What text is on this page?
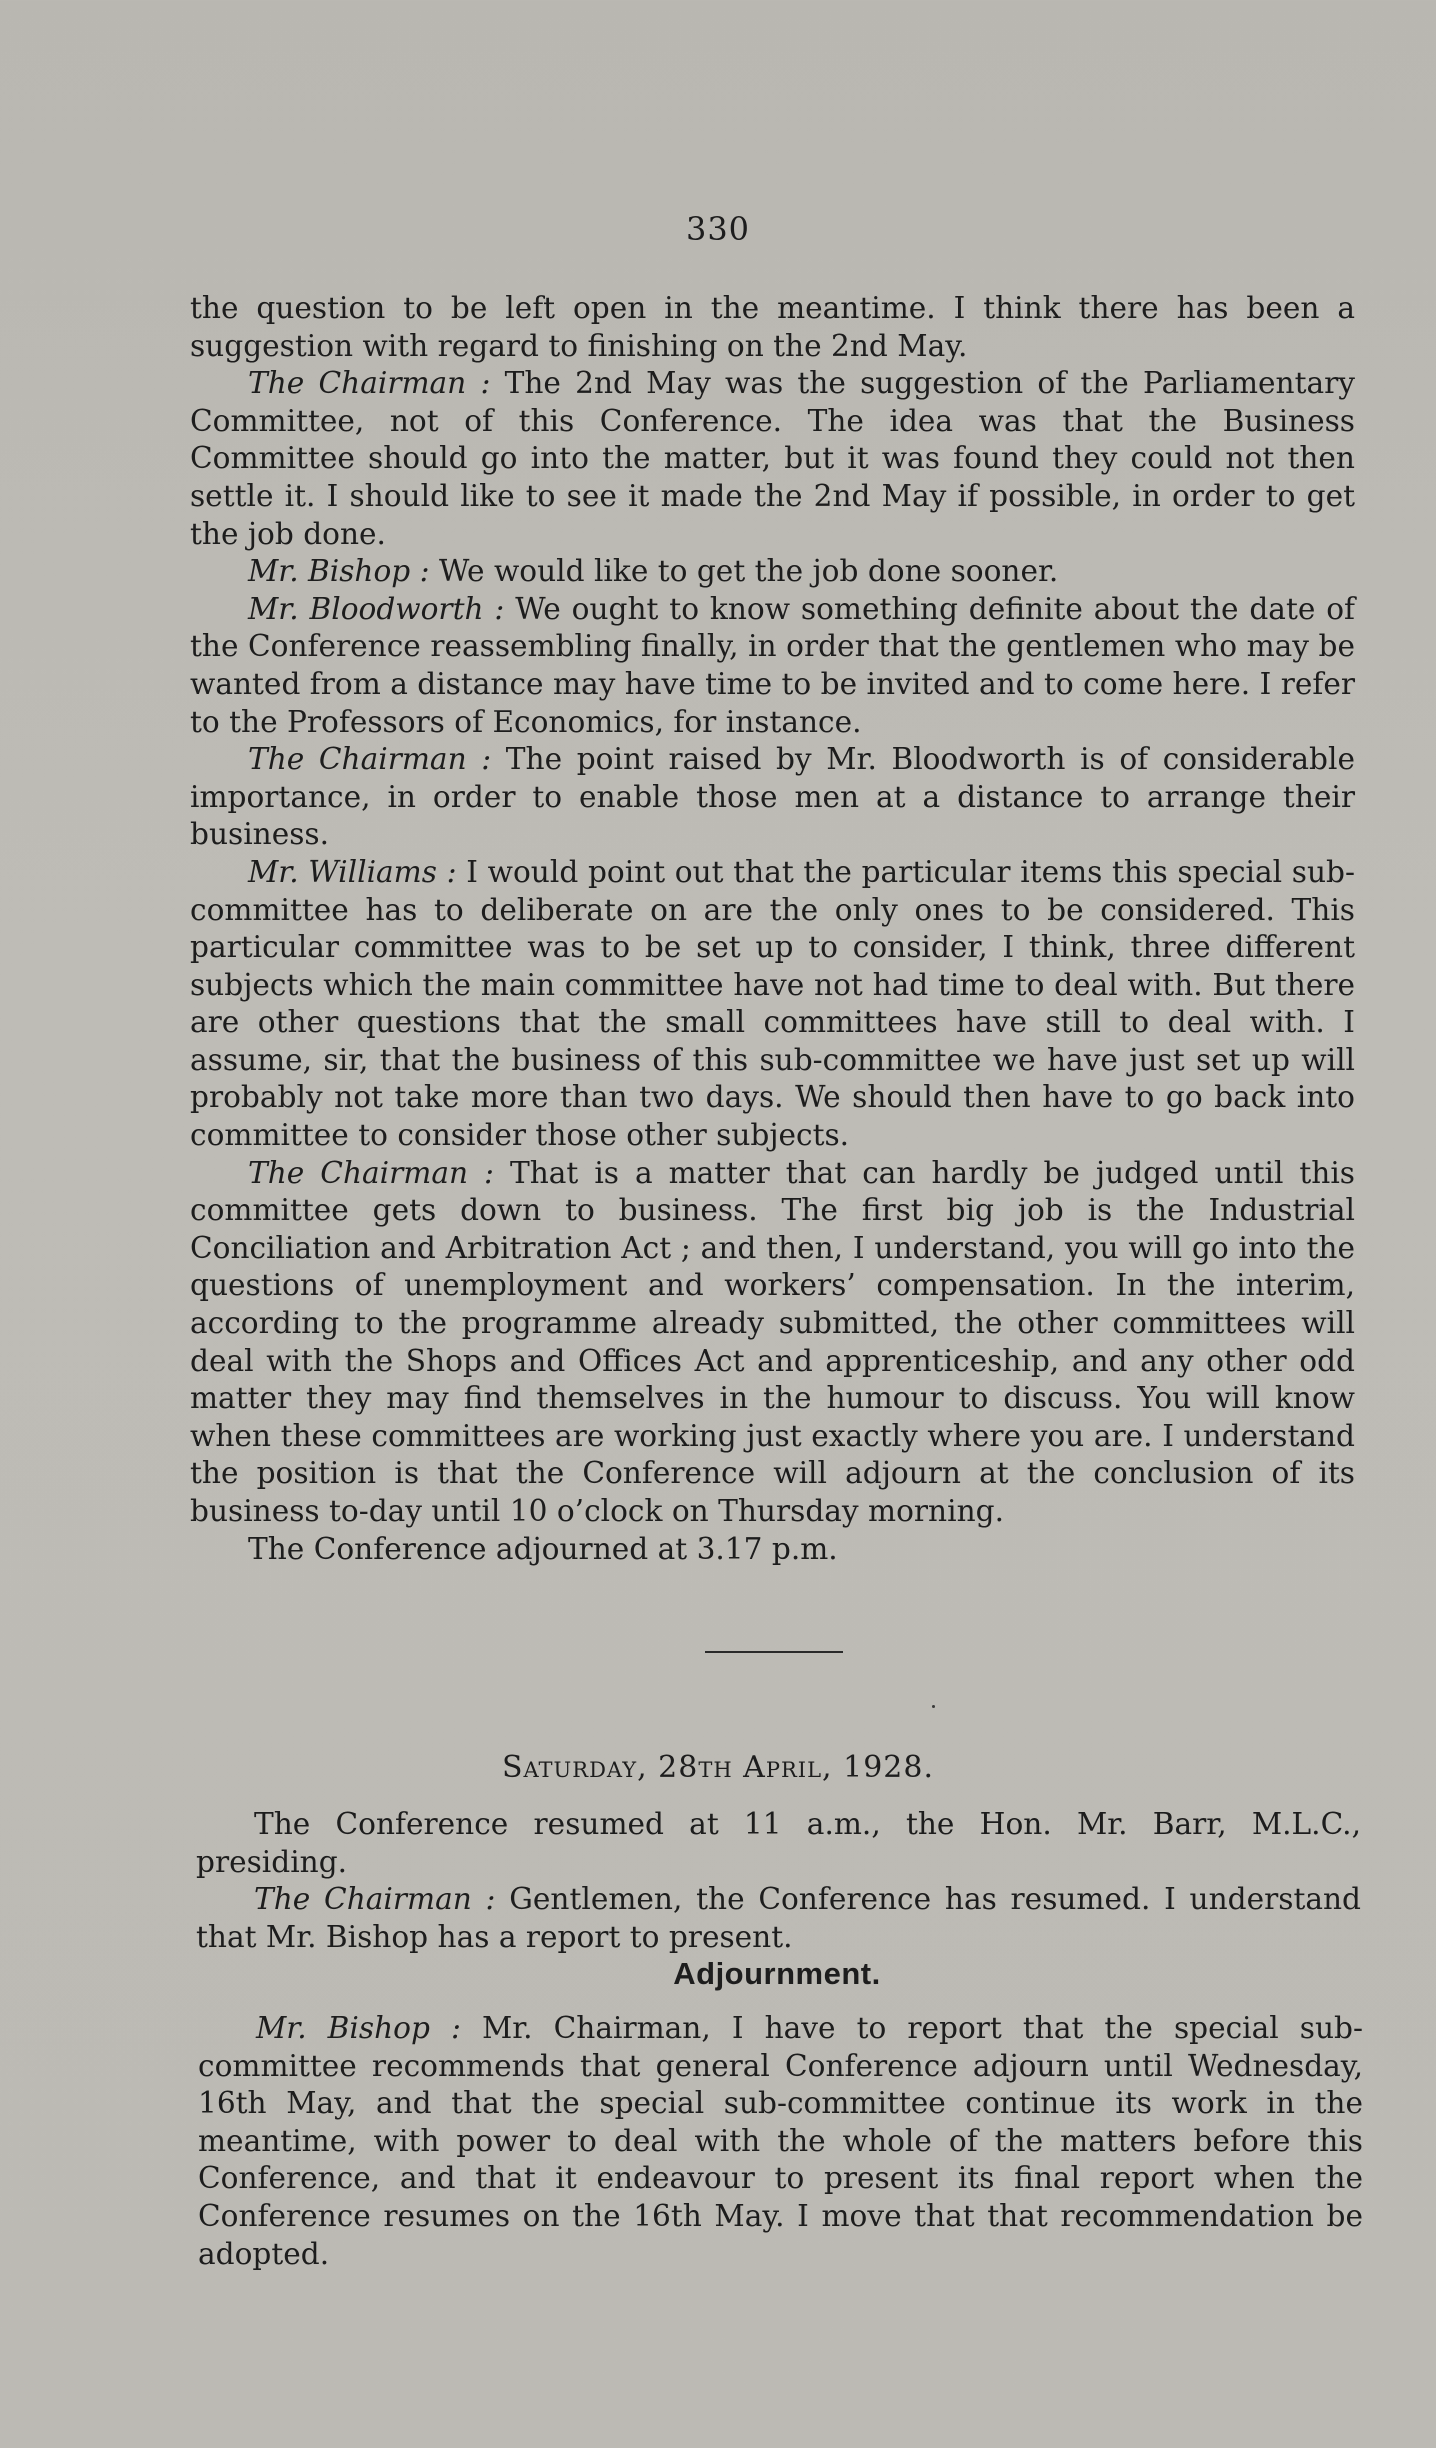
330

the question to be left open in the meantime. I think there has been a suggestion with regard to finishing on the 2nd May.

The Chairman : The 2nd May was the suggestion of the Parliamentary Committee, not of this Conference. The idea was that the Business Committee should go into the matter, but it was found they could not then settle it. I should like to see it made the 2nd May if possible, in order to get the job done.

Mr. Bishop : We would like to get the job done sooner.

Mr. Bloodworth : We ought to know something definite about the date of the Conference reassembling finally, in order that the gentlemen who may be wanted from a distance may have time to be invited and to come here. I refer to the Professors of Economics, for instance.

The Chairman : The point raised by Mr. Bloodworth is of considerable importance, in order to enable those men at a distance to arrange their business.

Mr. Williams : I would point out that the particular items this special sub-committee has to deliberate on are the only ones to be considered. This particular committee was to be set up to consider, I think, three different subjects which the main committee have not had time to deal with. But there are other questions that the small committees have still to deal with. I assume, sir, that the business of this sub-committee we have just set up will probably not take more than two days. We should then have to go back into committee to consider those other subjects.

The Chairman : That is a matter that can hardly be judged until this committee gets down to business. The first big job is the Industrial Conciliation and Arbitration Act ; and then, I understand, you will go into the questions of unemployment and workers’ compensation. In the interim, according to the programme already submitted, the other committees will deal with the Shops and Offices Act and apprenticeship, and any other odd matter they may find themselves in the humour to discuss. You will know when these committees are working just exactly where you are. I understand the position is that the Conference will adjourn at the conclusion of its business to-day until 10 o’clock on Thursday morning.

The Conference adjourned at 3.17 p.m.

Saturday, 28th April, 1928.

The Conference resumed at 11 a.m., the Hon. Mr. Barr, M.L.C., presiding.

The Chairman : Gentlemen, the Conference has resumed. I understand that Mr. Bishop has a report to present.

Adjournment.

Mr. Bishop : Mr. Chairman, I have to report that the special sub-committee recommends that general Conference adjourn until Wednesday, 16th May, and that the special sub-committee continue its work in the meantime, with power to deal with the whole of the matters before this Conference, and that it endeavour to present its final report when the Conference resumes on the 16th May. I move that that recommendation be adopted.
